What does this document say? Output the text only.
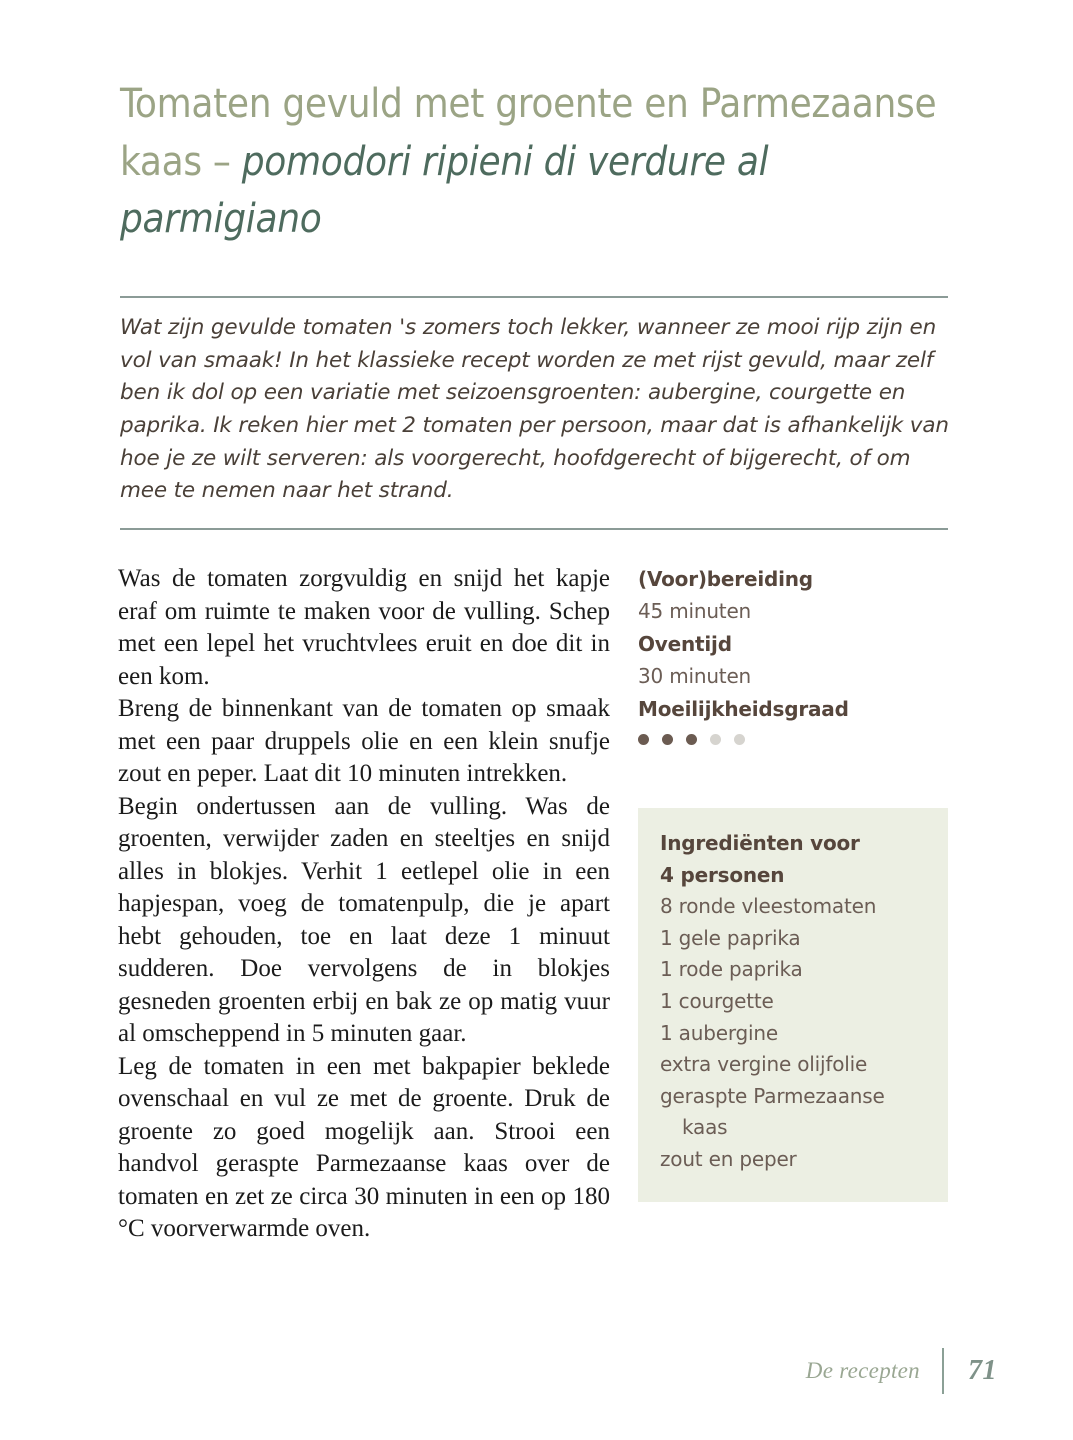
Tomaten gevuld met groente en Parmezaanse kaas – pomodori ripieni di verdure al parmigiano

Wat zijn gevulde tomaten 's zomers toch lekker, wanneer ze mooi rijp zijn en vol van smaak! In het klassieke recept worden ze met rijst gevuld, maar zelf ben ik dol op een variatie met seizoensgroenten: aubergine, courgette en paprika. Ik reken hier met 2 tomaten per persoon, maar dat is afhankelijk van hoe je ze wilt serveren: als voorgerecht, hoofdgerecht of bijgerecht, of om mee te nemen naar het strand.

Was de tomaten zorgvuldig en snijd het kapje eraf om ruimte te maken voor de vulling. Schep met een lepel het vruchtvlees eruit en doe dit in een kom.

Breng de binnenkant van de tomaten op smaak met een paar druppels olie en een klein snufje zout en peper. Laat dit 10 minuten intrekken.

Begin ondertussen aan de vulling. Was de groenten, verwijder zaden en steeltjes en snijd alles in blokjes. Verhit 1 eetlepel olie in een hapjespan, voeg de tomatenpulp, die je apart hebt gehouden, toe en laat deze 1 minuut sudderen. Doe vervolgens de in blokjes gesneden groenten erbij en bak ze op matig vuur al omscheppend in 5 minuten gaar.

Leg de tomaten in een met bakpapier beklede ovenschaal en vul ze met de groente. Druk de groente zo goed mogelijk aan. Strooi een handvol geraspte Parmezaanse kaas over de tomaten en zet ze circa 30 minuten in een op 180 °C voorverwarmde oven.

(Voor)bereiding
45 minuten
Oventijd
30 minuten
Moeilijkheidsgraad
Ingrediënten voor
4 personen
8 ronde vleestomaten
1 gele paprika
1 rode paprika
1 courgette
1 aubergine
extra vergine olijfolie
geraspte Parmezaanse kaas
zout en peper
De recepten	71
